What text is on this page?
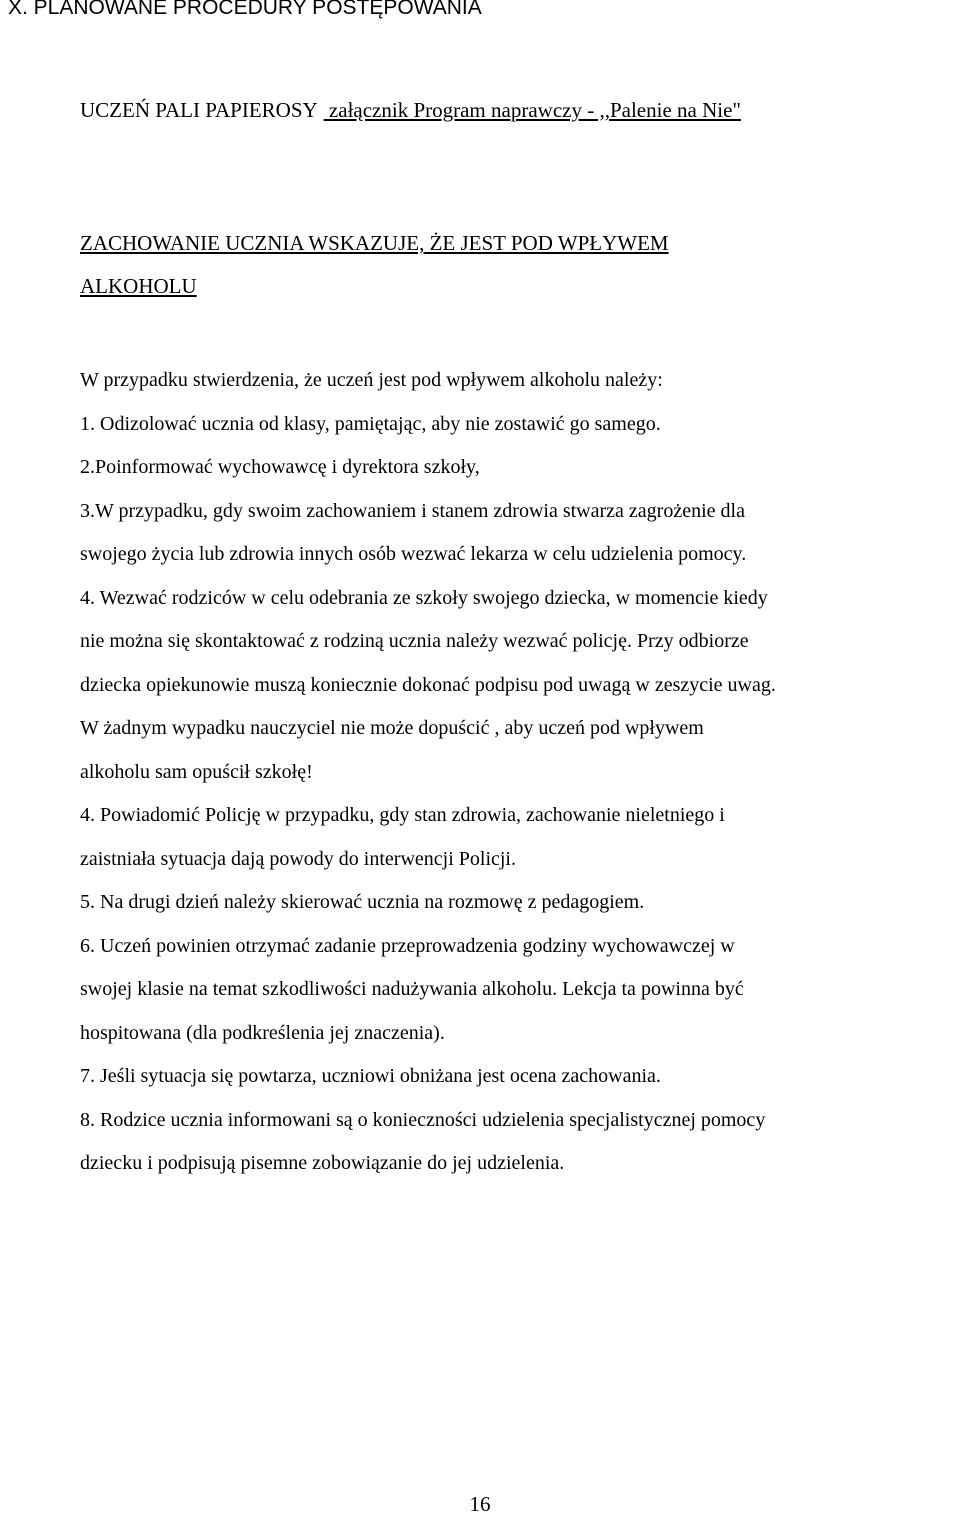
X. PLANOWANE PROCEDURY POSTĘPOWANIA
UCZEŃ PALI PAPIEROSY załącznik Program naprawczy - ,,Palenie na Nie"
ZACHOWANIE UCZNIA WSKAZUJE, ŻE JEST POD WPŁYWEM
ALKOHOLU

W przypadku stwierdzenia, że uczeń jest pod wpływem alkoholu należy:

1. Odizolować ucznia od klasy, pamiętając, aby nie zostawić go samego.

2.Poinformować wychowawcę i dyrektora szkoły,

3.W przypadku, gdy swoim zachowaniem i stanem zdrowia stwarza zagrożenie dla

swojego życia lub zdrowia innych osób wezwać lekarza w celu udzielenia pomocy.

4. Wezwać rodziców w celu odebrania ze szkoły swojego dziecka, w momencie kiedy

nie można się skontaktować z rodziną ucznia należy wezwać policję. Przy odbiorze

dziecka opiekunowie muszą koniecznie dokonać podpisu pod uwagą w zeszycie uwag.

W żadnym wypadku nauczyciel nie może dopuścić , aby uczeń pod wpływem

alkoholu sam opuścił szkołę!

4. Powiadomić Policję w przypadku, gdy stan zdrowia, zachowanie nieletniego i

zaistniała sytuacja dają powody do interwencji Policji.

5. Na drugi dzień należy skierować ucznia na rozmowę z pedagogiem.

6. Uczeń powinien otrzymać zadanie przeprowadzenia godziny wychowawczej w

swojej klasie na temat szkodliwości nadużywania alkoholu. Lekcja ta powinna być

hospitowana (dla podkreślenia jej znaczenia).

7. Jeśli sytuacja się powtarza, uczniowi obniżana jest ocena zachowania.

8. Rodzice ucznia informowani są o konieczności udzielenia specjalistycznej pomocy

dziecku i podpisują pisemne zobowiązanie do jej udzielenia.

16
